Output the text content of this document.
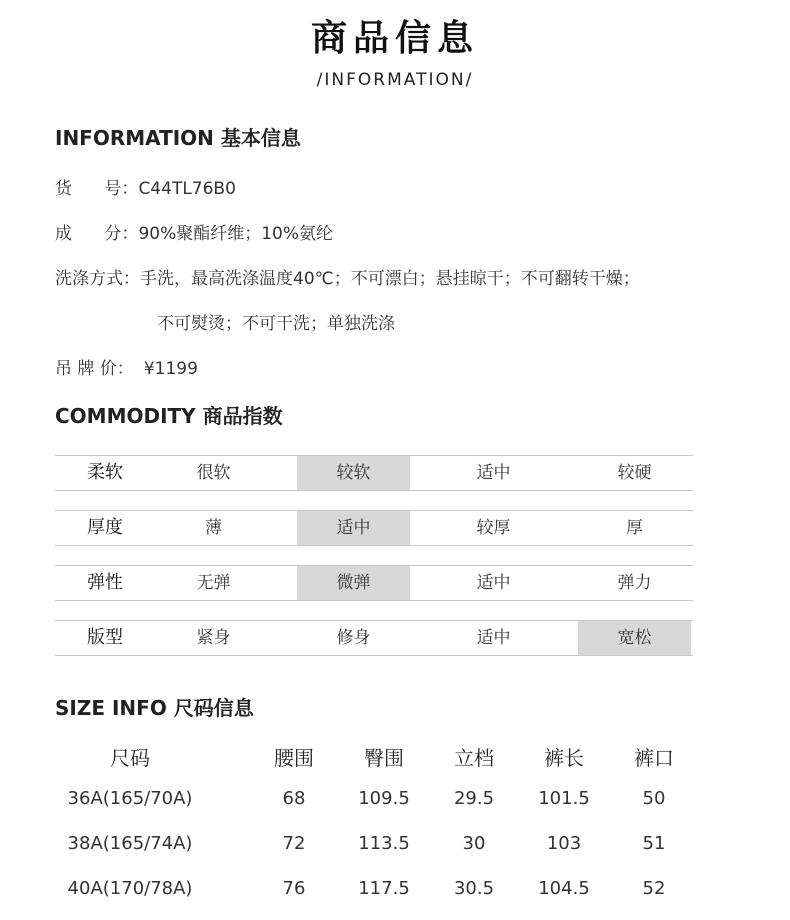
商品信息
/INFORMATION/
INFORMATION 基本信息
货      号：C44TL76B0
成      分：90%聚酯纤维；10%氨纶
洗涤方式：手洗，最高洗涤温度40℃；不可漂白；悬挂晾干；不可翻转干燥；
不可熨烫；不可干洗；单独洗涤
吊 牌 价： ¥1199
COMMODITY 商品指数
柔软	很软	较软	适中	较硬
厚度	薄	适中	较厚	厚
弹性	无弹	微弹	适中	弹力
版型	紧身	修身	适中	宽松
SIZE INFO 尺码信息
尺码	腰围	臀围	立档	裤长	裤口
36A(165/70A)	68	109.5	29.5	101.5	50
38A(165/74A)	72	113.5	30	103	51
40A(170/78A)	76	117.5	30.5	104.5	52
